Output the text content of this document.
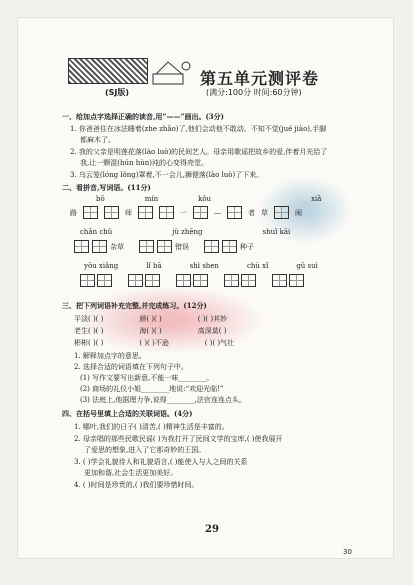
第五单元测评卷
(SJ版)	(满分:100分 时间:60分钟)
一、给加点字选择正确的读音,用“——”画出。(3分)
1. 你爸爸住在冰法睡着(zhe zhǎo)了,他们会动他不敢动。不知不觉(jué jiào),手脚
都麻木了。
2. 我的父亲是明莲花落(lào luò)的民间艺人。母亲用歌谣把故乡的爱,伴着月光给了
我,让一颗混(hún hùn)沌的心变得亮堂。
3. 乌云笼(lóng lǒng)罩着,不一会儿,狮便落(lào luò)了下来。
二、看拼音,写词语。(11分)
bō	mín	kǒu	xiǎ
路	师	一	—	者 草	闹
chǎn chǔ	jù zhēng	shuǐ kāi
杂草	错误	种子
yōu xiǎng	lǐ bā	shì shen	chù xǐ	gǔ suì
三、把下列词语补充完整,并完成练习。(12分)
平淡( )( )	颜( )( )	( )( )其妙
老生( )( )	海( )( )	高深莫( )
彬彬( )( )	( )( )不逊	( )( )气壮
1. 解释加点字的意思。
2. 选择合适的词语填在下列句子中。
(1) 写作文要写出新意,不能一味________。
(2) 商场的礼仪小姐________地说:“欢迎光临!”
(3) 法庭上,他据理力争,说得________,法官连连点头。
四、在括号里填上合适的关联词语。(4分)
1. 哪叶,我们的日子( )清苦,( )精神生活是丰富的。
2. 母亲唱的那些民歌民谣( )为我打开了民间文学的宝库,( )使我展开
了爱思的想象,进入了它那奇妙的王国。
3. ( )学会礼貌待人和礼貌语言,( )能使人与人之间的关系
更加和谐,社会生活更加美好。
4. ( )时间是珍贵的,( )我们要珍惜时间。
29
30
